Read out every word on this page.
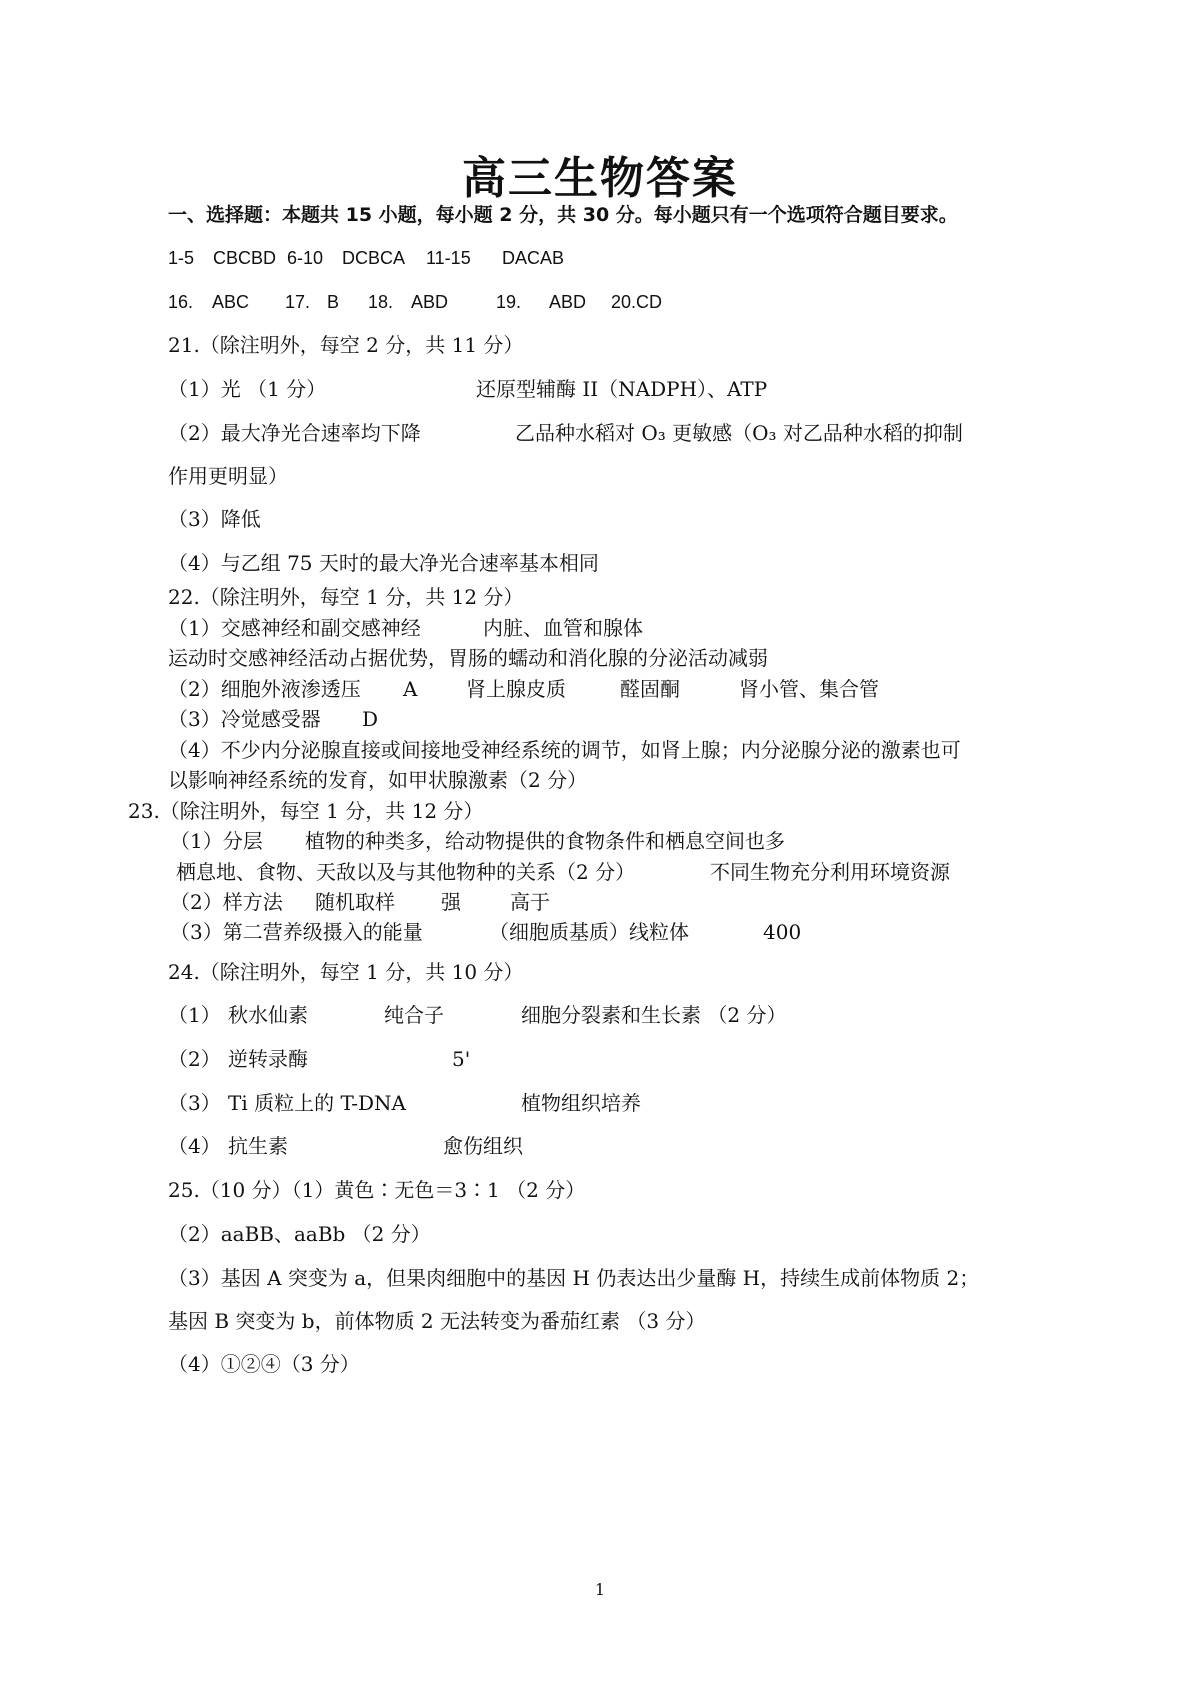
高三生物答案
一、选择题：本题共 15 小题，每小题 2 分，共 30 分。每小题只有一个选项符合题目要求。
1-5 CBCBD 6-10 DCBCA 11-15 DACAB
16. ABC 17. B 18. ABD	19. ABD 20.CD
21.（除注明外，每空 2 分，共 11 分）
（1）光 （1 分）	还原型辅酶 II（NADPH）、ATP
（2）最大净光合速率均下降	乙品种水稻对 O₃ 更敏感（O₃ 对乙品种水稻的抑制
作用更明显）
（3）降低
（4）与乙组 75 天时的最大净光合速率基本相同
22.（除注明外，每空 1 分，共 12 分）
（1）交感神经和副交感神经	内脏、血管和腺体
运动时交感神经活动占据优势，胃肠的蠕动和消化腺的分泌活动减弱
（2）细胞外液渗透压 A 肾上腺皮质	醛固酮	肾小管、集合管
（3）冷觉感受器 D
（4）不少内分泌腺直接或间接地受神经系统的调节，如肾上腺；内分泌腺分泌的激素也可
以影响神经系统的发育，如甲状腺激素（2 分）
23.（除注明外，每空 1 分，共 12 分）
（1）分层 植物的种类多，给动物提供的食物条件和栖息空间也多
栖息地、食物、天敌以及与其他物种的关系（2 分）	不同生物充分利用环境资源
（2）样方法 随机取样 强 高于
（3）第二营养级摄入的能量	（细胞质基质）线粒体	400
24.（除注明外，每空 1 分，共 10 分）
（1） 秋水仙素	纯合子	细胞分裂素和生长素 （2 分）
（2） 逆转录酶	5'
（3） Ti 质粒上的 T-DNA	植物组织培养
（4） 抗生素	愈伤组织
25.（10 分）（1）黄色∶无色＝3∶1 （2 分）
（2）aaBB、aaBb （2 分）
（3）基因 A 突变为 a，但果肉细胞中的基因 H 仍表达出少量酶 H，持续生成前体物质 2；
基因 B 突变为 b，前体物质 2 无法转变为番茄红素 （3 分）
（4）①②④（3 分）
1
